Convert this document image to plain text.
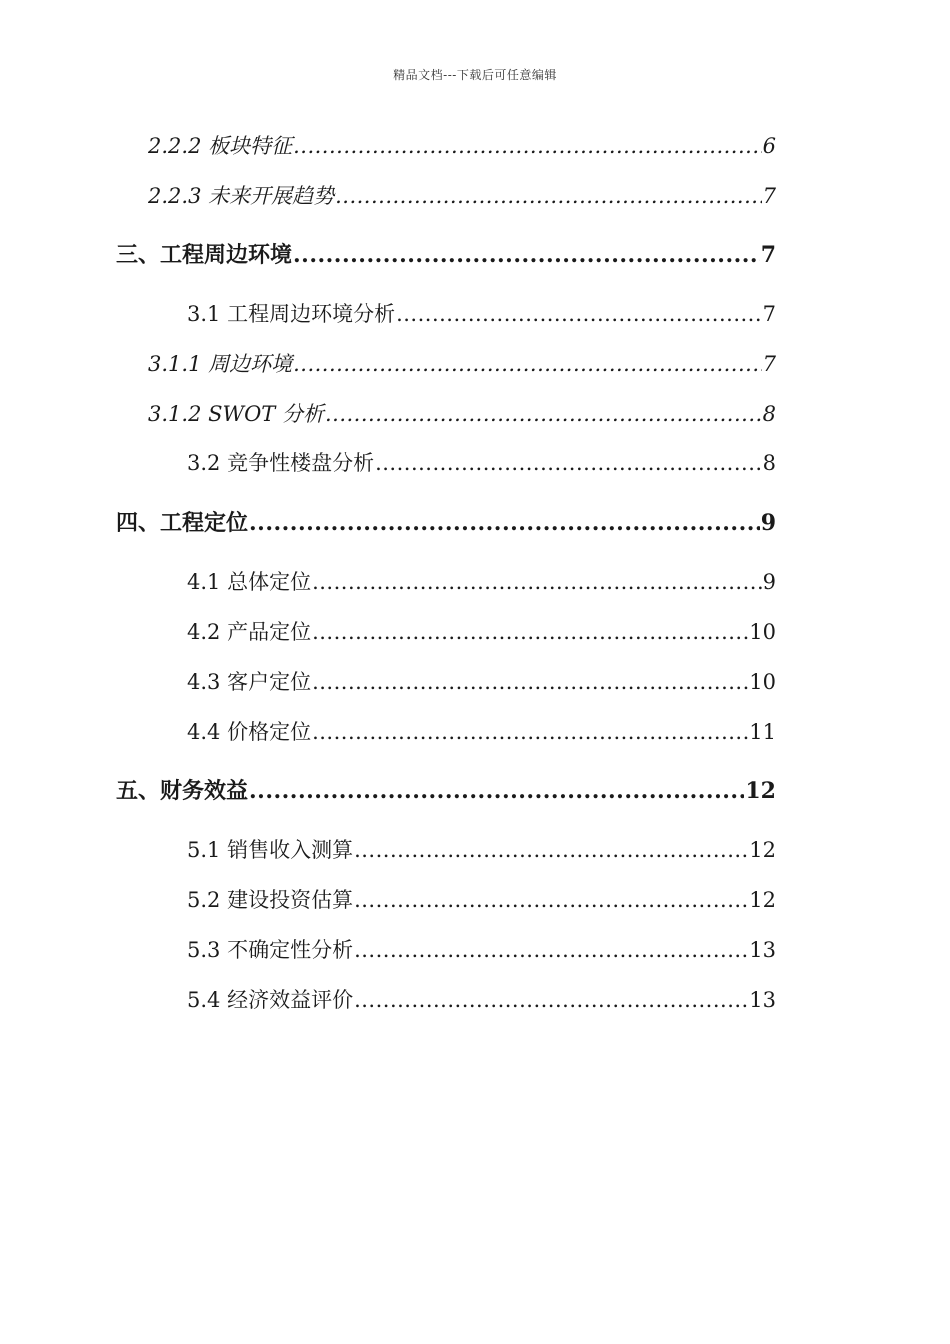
精品文档---下载后可任意编辑
2.2.2 板块特征 .....	6
2.2.3 未来开展趋势 .....	7
三、工程周边环境 .....	7
3.1 工程周边环境分析 .....	7
3.1.1 周边环境 .....	7
3.1.2 SWOT 分析 .....	8
3.2 竞争性楼盘分析 .....	8
四、工程定位 .....	9
4.1 总体定位 .....	9
4.2 产品定位 .....	10
4.3 客户定位 .....	10
4.4 价格定位 .....	11
五、财务效益 .....	12
5.1 销售收入测算 .....	12
5.2 建设投资估算 .....	12
5.3 不确定性分析 .....	13
5.4 经济效益评价 .....	13
